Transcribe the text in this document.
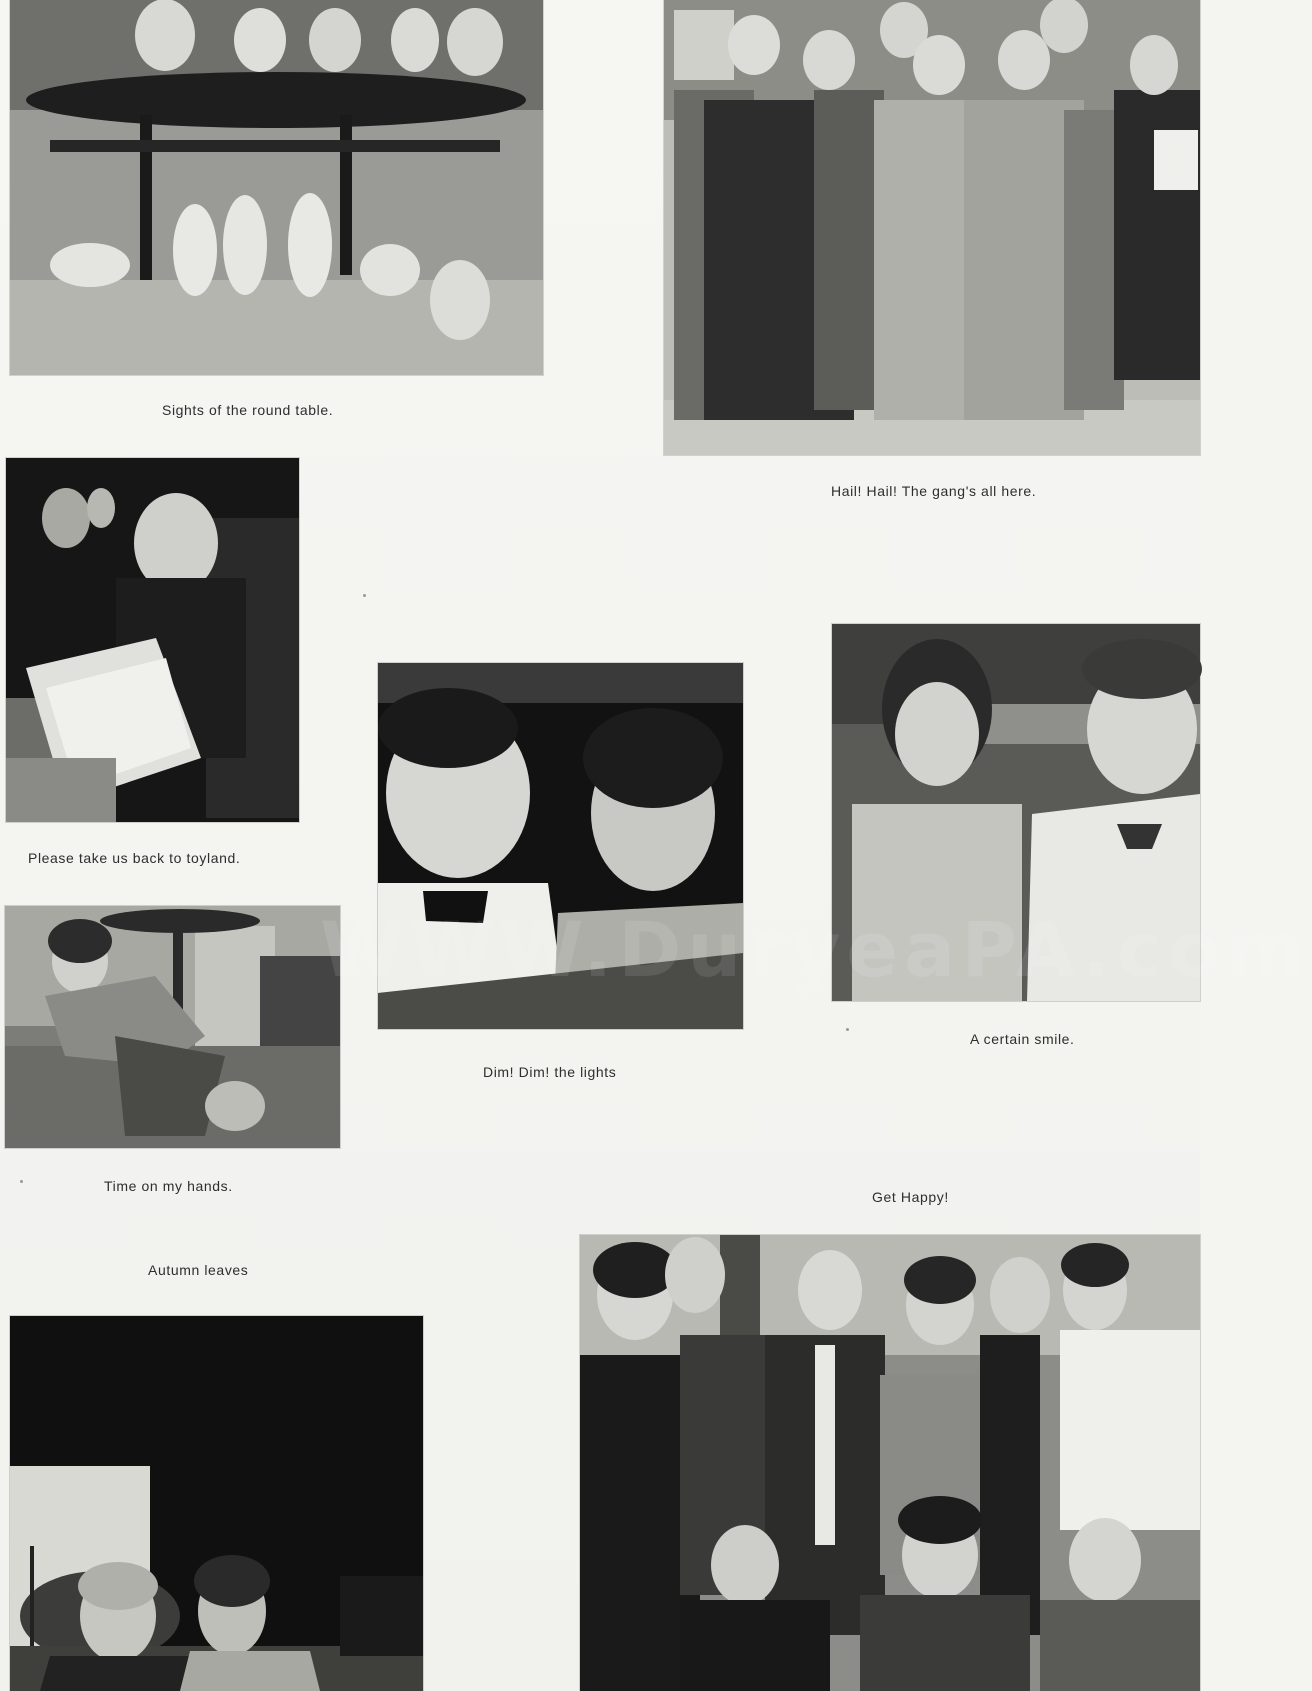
Sights of the round table.
Hail! Hail! The gang's all here.
Please take us back to toyland.
Dim! Dim! the lights
A certain smile.
Time on my hands.
Get Happy!
Autumn leaves
WWW.DuryeaPA.com
